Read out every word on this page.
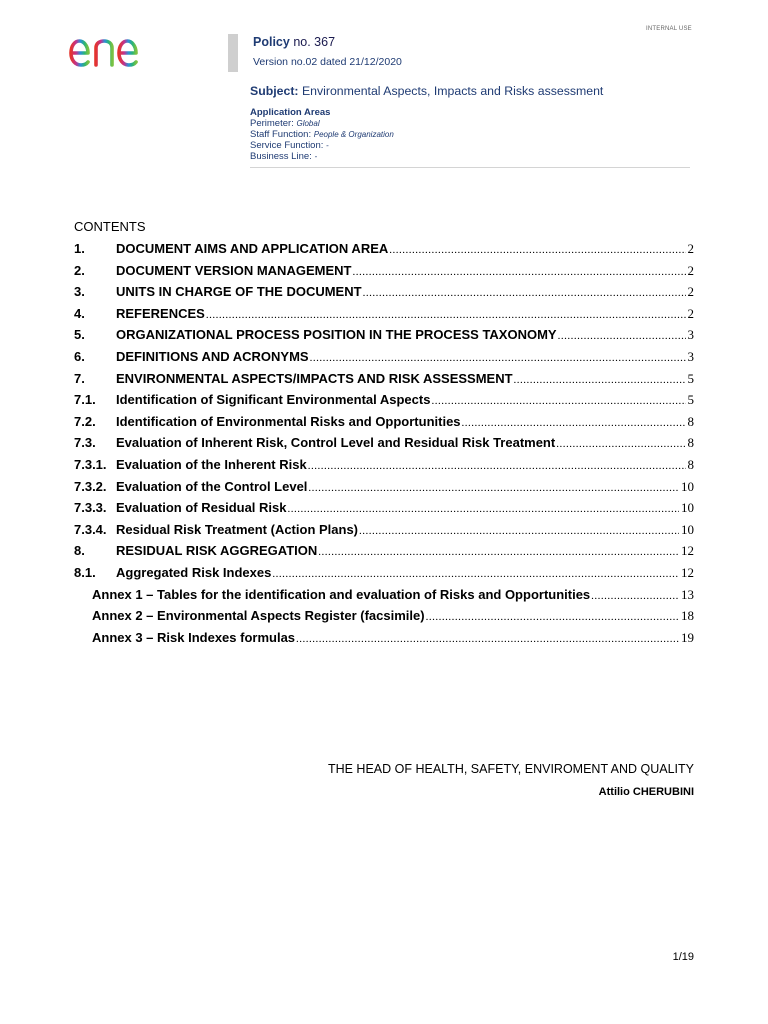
INTERNAL USE
Policy no. 367
Version no.02 dated 21/12/2020
Subject: Environmental Aspects, Impacts and Risks assessment
Application Areas
Perimeter: Global
Staff Function: People & Organization
Service Function: -
Business Line: -
CONTENTS
1. DOCUMENT AIMS AND APPLICATION AREA .....	2
2. DOCUMENT VERSION MANAGEMENT .....	2
3. UNITS IN CHARGE OF THE DOCUMENT .....	2
4. REFERENCES .....	2
5. ORGANIZATIONAL PROCESS POSITION IN THE PROCESS TAXONOMY .....	3
6. DEFINITIONS AND ACRONYMS .....	3
7. ENVIRONMENTAL ASPECTS/IMPACTS AND RISK ASSESSMENT .....	5
7.1. Identification of Significant Environmental Aspects .....	5
7.2. Identification of Environmental Risks and Opportunities .....	8
7.3. Evaluation of Inherent Risk, Control Level and Residual Risk Treatment .....	8
7.3.1. Evaluation of the Inherent Risk .....	8
7.3.2. Evaluation of the Control Level .....	10
7.3.3. Evaluation of Residual Risk .....	10
7.3.4. Residual Risk Treatment (Action Plans) .....	10
8. RESIDUAL RISK AGGREGATION .....	12
8.1. Aggregated Risk Indexes .....	12
Annex 1 – Tables for the identification and evaluation of Risks and Opportunities .....	13
Annex 2 – Environmental Aspects Register (facsimile) .....	18
Annex 3 – Risk Indexes formulas .....	19
THE HEAD OF HEALTH, SAFETY, ENVIROMENT AND QUALITY
Attilio CHERUBINI
1/19
